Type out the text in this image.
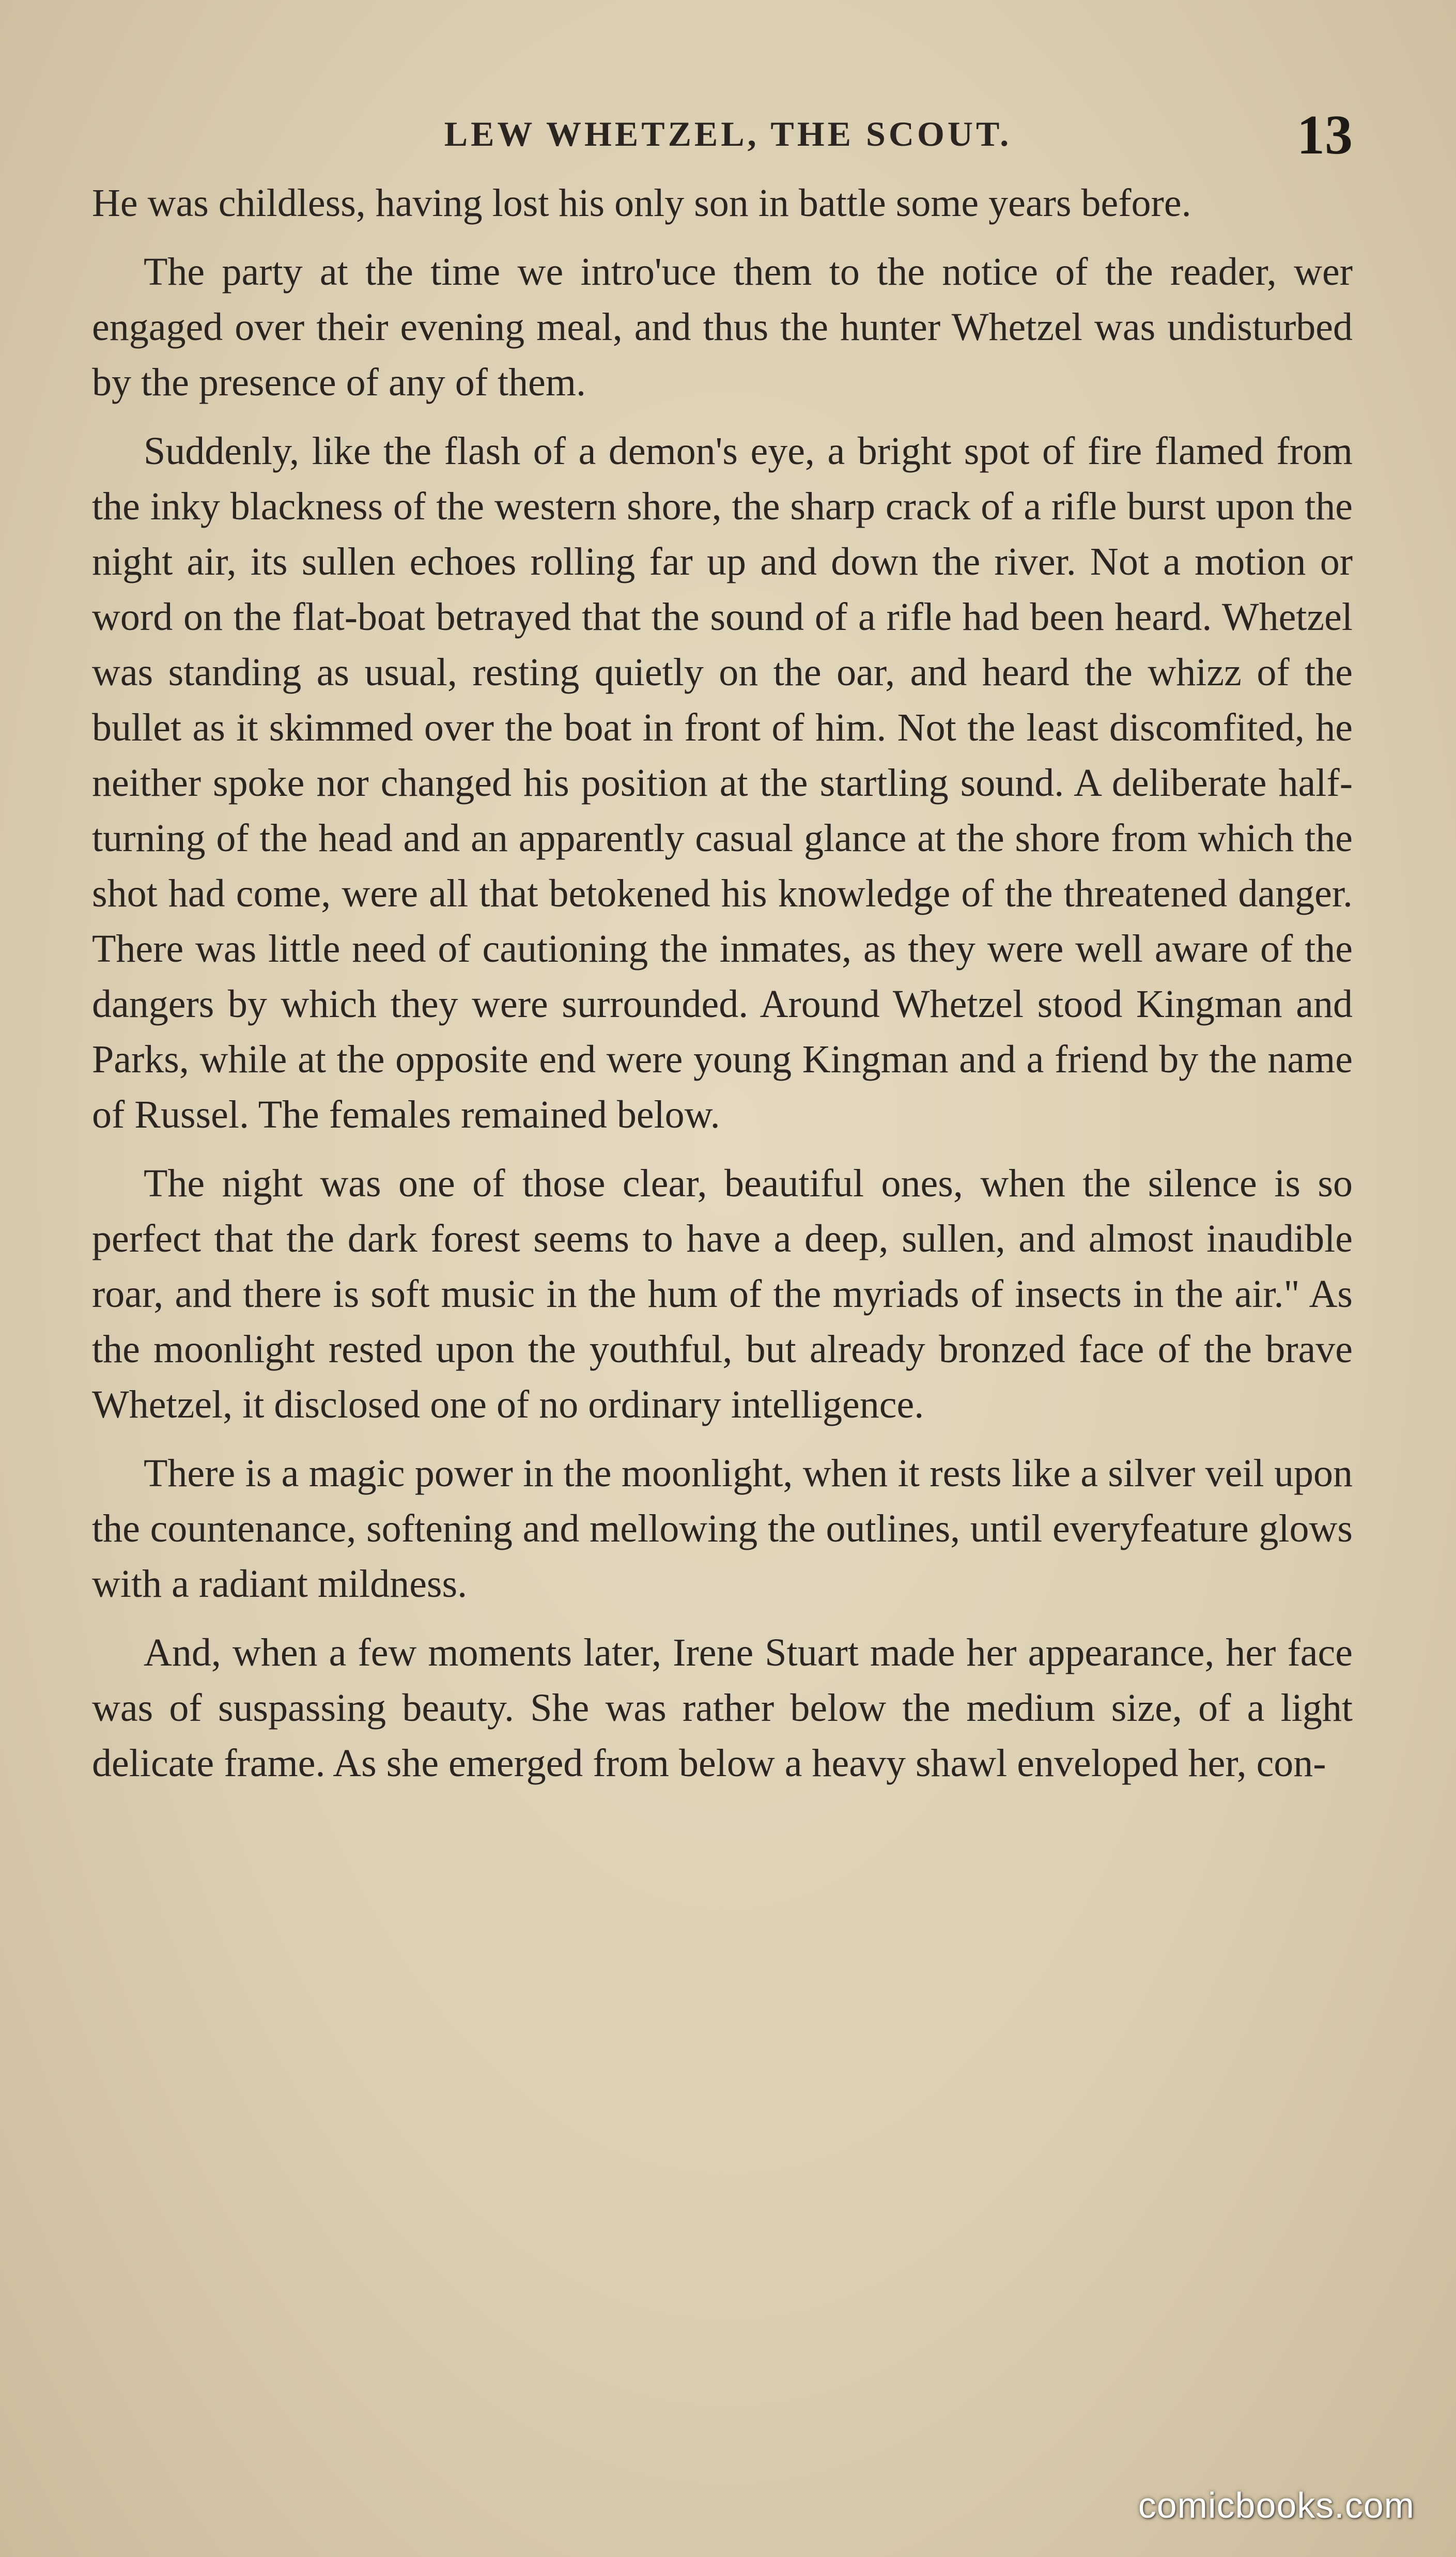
LEW WHETZEL, THE SCOUT.	13

He was childless, having lost his only son in battle some years before.

The party at the time we intro'uce them to the notice of the reader, wer engaged over their evening meal, and thus the hunter Whetzel was undisturbed by the presence of any of them.

Suddenly, like the flash of a demon's eye, a bright spot of fire flamed from the inky blackness of the western shore, the sharp crack of a rifle burst upon the night air, its sullen echoes rolling far up and down the river. Not a motion or word on the flat-boat betrayed that the sound of a rifle had been heard. Whetzel was standing as usual, resting quietly on the oar, and heard the whizz of the bullet as it skimmed over the boat in front of him. Not the least discomfited, he neither spoke nor changed his position at the startling sound. A deliberate half-turning of the head and an apparently casual glance at the shore from which the shot had come, were all that betokened his knowledge of the threatened danger. There was little need of cautioning the inmates, as they were well aware of the dangers by which they were surrounded. Around Whetzel stood Kingman and Parks, while at the opposite end were young Kingman and a friend by the name of Russel. The females remained below.

The night was one of those clear, beautiful ones, when the silence is so perfect that the dark forest seems to have a deep, sullen, and almost inaudible roar, and there is soft music in the hum of the myriads of insects in the air." As the moonlight rested upon the youthful, but already bronzed face of the brave Whetzel, it disclosed one of no ordinary intelligence.

There is a magic power in the moonlight, when it rests like a silver veil upon the countenance, softening and mellowing the outlines, until everyfeature glows with a radiant mildness.

And, when a few moments later, Irene Stuart made her appearance, her face was of suspassing beauty. She was rather below the medium size, of a light delicate frame. As she emerged from below a heavy shawl enveloped her, con-

comicbooks.com
